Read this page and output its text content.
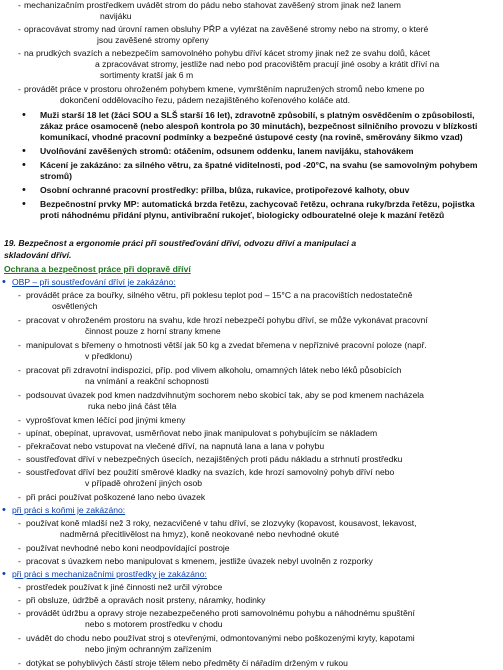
- mechanizačním prostředkem uvádět strom do pádu nebo stahovat zavěšený strom jinak než lanem
navijáku
- opracovávat stromy nad úrovní ramen obsluhy PŘP a vylézat na zavěšené stromy nebo na stromy, o které
jsou zavěšené stromy opřeny
- na prudkých svazích a nebezpečím samovolného pohybu dříví kácet stromy jinak než ze svahu dolů, kácet
a zpracovávat stromy, jestliže nad nebo pod pracovištěm pracují jiné osoby a krátit dříví na
sortimenty kratší jak 6 m
- provádět práce v prostoru ohroženém pohybem kmene, vymrštěním napružených stromů nebo kmene po
dokončení oddělovacího řezu, pádem nezajištěného kořenového koláče atd.
• Muži starší 18 let (žáci SOU a SLŠ starší 16 let), zdravotně způsobilí, s platným osvědčením o způsobilosti,
zákaz práce osamoceně (nebo alespoň kontrola po 30 minutách), bezpečnost silničního provozu v blízkosti
komunikací, vhodné pracovní podmínky a bezpečné ústupové cesty (na rovině, směrovány šikmo vzad)
• Uvolňování zavěšených stromů: otáčením, odsunem oddenku, lanem navijáku, stahovákem
• Kácení je zakázáno: za silného větru, za špatné viditelnosti, pod -20°C, na svahu (se samovolným pohybem
stromů)
• Osobní ochranné pracovní prostředky: přilba, blůza, rukavice, protipořezové kalhoty, obuv
• Bezpečnostní prvky MP: automatická brzda řetězu, zachycovač řetězu, ochrana ruky/brzda řetězu, pojistka
proti náhodnému přidání plynu, antivibrační rukojeť, biologicky odbouratelné oleje k mazání řetězů
19. Bezpečnost a ergonomie práci při soustřeďování dříví, odvozu dříví a manipulaci a
skladování dříví.
Ochrana a bezpečnost práce při dopravě dříví
• OBP – při soustřeďování dříví je zakázáno:
- provádět práce za bouřky, silného větru, při poklesu teplot pod – 15°C a na pracovištích nedostatečně
osvětlených
- pracovat v ohroženém prostoru na svahu, kde hrozí nebezpečí pohybu dříví, se může vykonávat pracovní
činnost pouze z horní strany kmene
- manipulovat s břemeny o hmotnosti větší jak 50 kg a zvedat břemena v nepříznivé pracovní poloze (např.
v předklonu)
- pracovat při zdravotní indispozici, příp. pod vlivem alkoholu, omamných látek nebo léků působících
na vnímání a reakční schopnosti
- podsouvat úvazek pod kmen nadzdvihnutým sochorem nebo skobicí tak, aby se pod kmenem nacházela
ruka nebo jiná část těla
- vyprošťovat kmen léčící pod jinými kmeny
- upínat, obepínat, upravovat, usměrňovat nebo jinak manipulovat s pohybujícím se nákladem
- překračovat nebo vstupovat na vlečené dříví, na napnutá lana a lana v pohybu
- soustřeďovat dříví v nebezpečných úsecích, nezajištěných proti pádu nákladu a strhnutí prostředku
- soustřeďovat dříví bez použití směrové kladky na svazích, kde hrozí samovolný pohyb dříví nebo
v případě ohrožení jiných osob
- při práci používat poškozené lano nebo úvazek
• při práci s koňmi je zakázáno:
- používat koně mladší než 3 roky, nezacvičené v tahu dříví, se zlozvyky (kopavost, kousavost, lekavost,
nadměrná přecitlivělost na hmyz), koně neokované nebo nevhodné okuté
- používat nevhodné nebo koni neodpovídající postroje
- pracovat s úvazkem nebo manipulovat s kmenem, jestliže úvazek nebyl uvolněn z rozporky
• při práci s mechanizačními prostředky je zakázáno:
- prostředek používat k jiné činnosti než určil výrobce
- při obsluze, údržbě a opravách nosit prsteny, náramky, hodinky
- provádět údržbu a opravy stroje nezabezpečeného proti samovolnému pohybu a náhodnému spuštění
nebo s motorem prostředku v chodu
- uvádět do chodu nebo používat stroj s otevřenými, odmontovanými nebo poškozenými kryty, kapotami
nebo jiným ochranným zařízením
- dotýkat se pohyblivých částí stroje tělem nebo předměty či nářadím drženým v rukou
